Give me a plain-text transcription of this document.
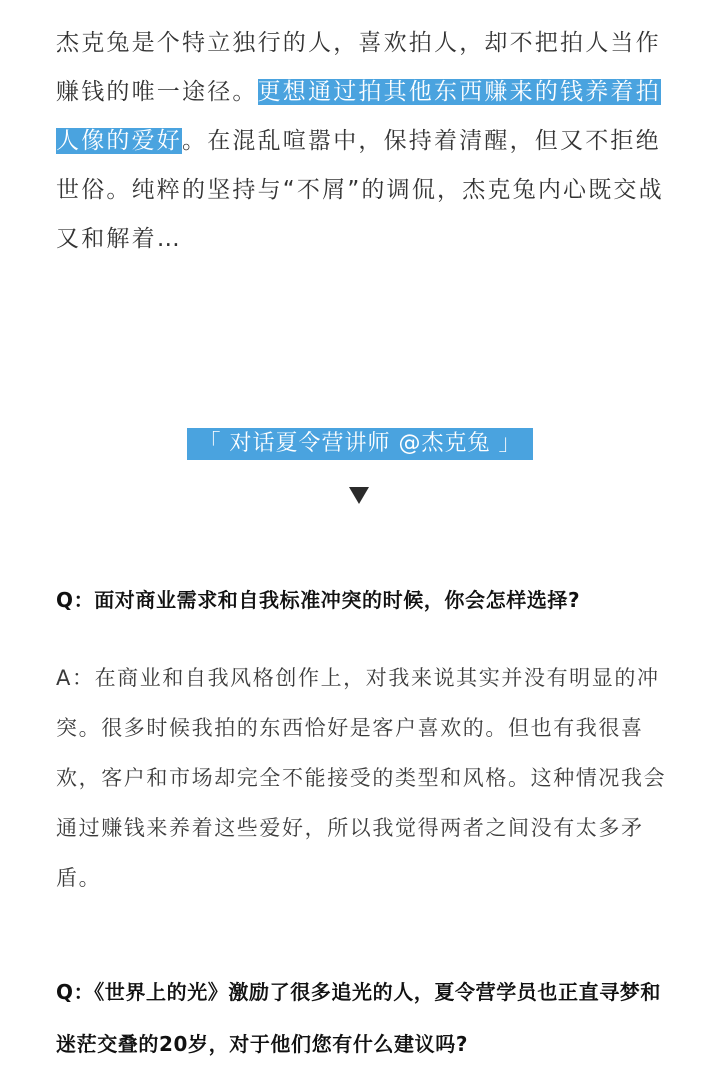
杰克兔是个特立独行的人，喜欢拍人，却不把拍人当作赚钱的唯一途径。更想通过拍其他东西赚来的钱养着拍人像的爱好。在混乱喧嚣中，保持着清醒，但又不拒绝世俗。纯粹的坚持与“不屑”的调侃，杰克兔内心既交战又和解着…

「 对话夏令营讲师 @杰克兔 」

Q：面对商业需求和自我标准冲突的时候，你会怎样选择?

A：在商业和自我风格创作上，对我来说其实并没有明显的冲突。很多时候我拍的东西恰好是客户喜欢的。但也有我很喜欢，客户和市场却完全不能接受的类型和风格。这种情况我会通过赚钱来养着这些爱好，所以我觉得两者之间没有太多矛盾。

Q：《世界上的光》激励了很多追光的人，夏令营学员也正直寻梦和迷茫交叠的20岁，对于他们您有什么建议吗?
